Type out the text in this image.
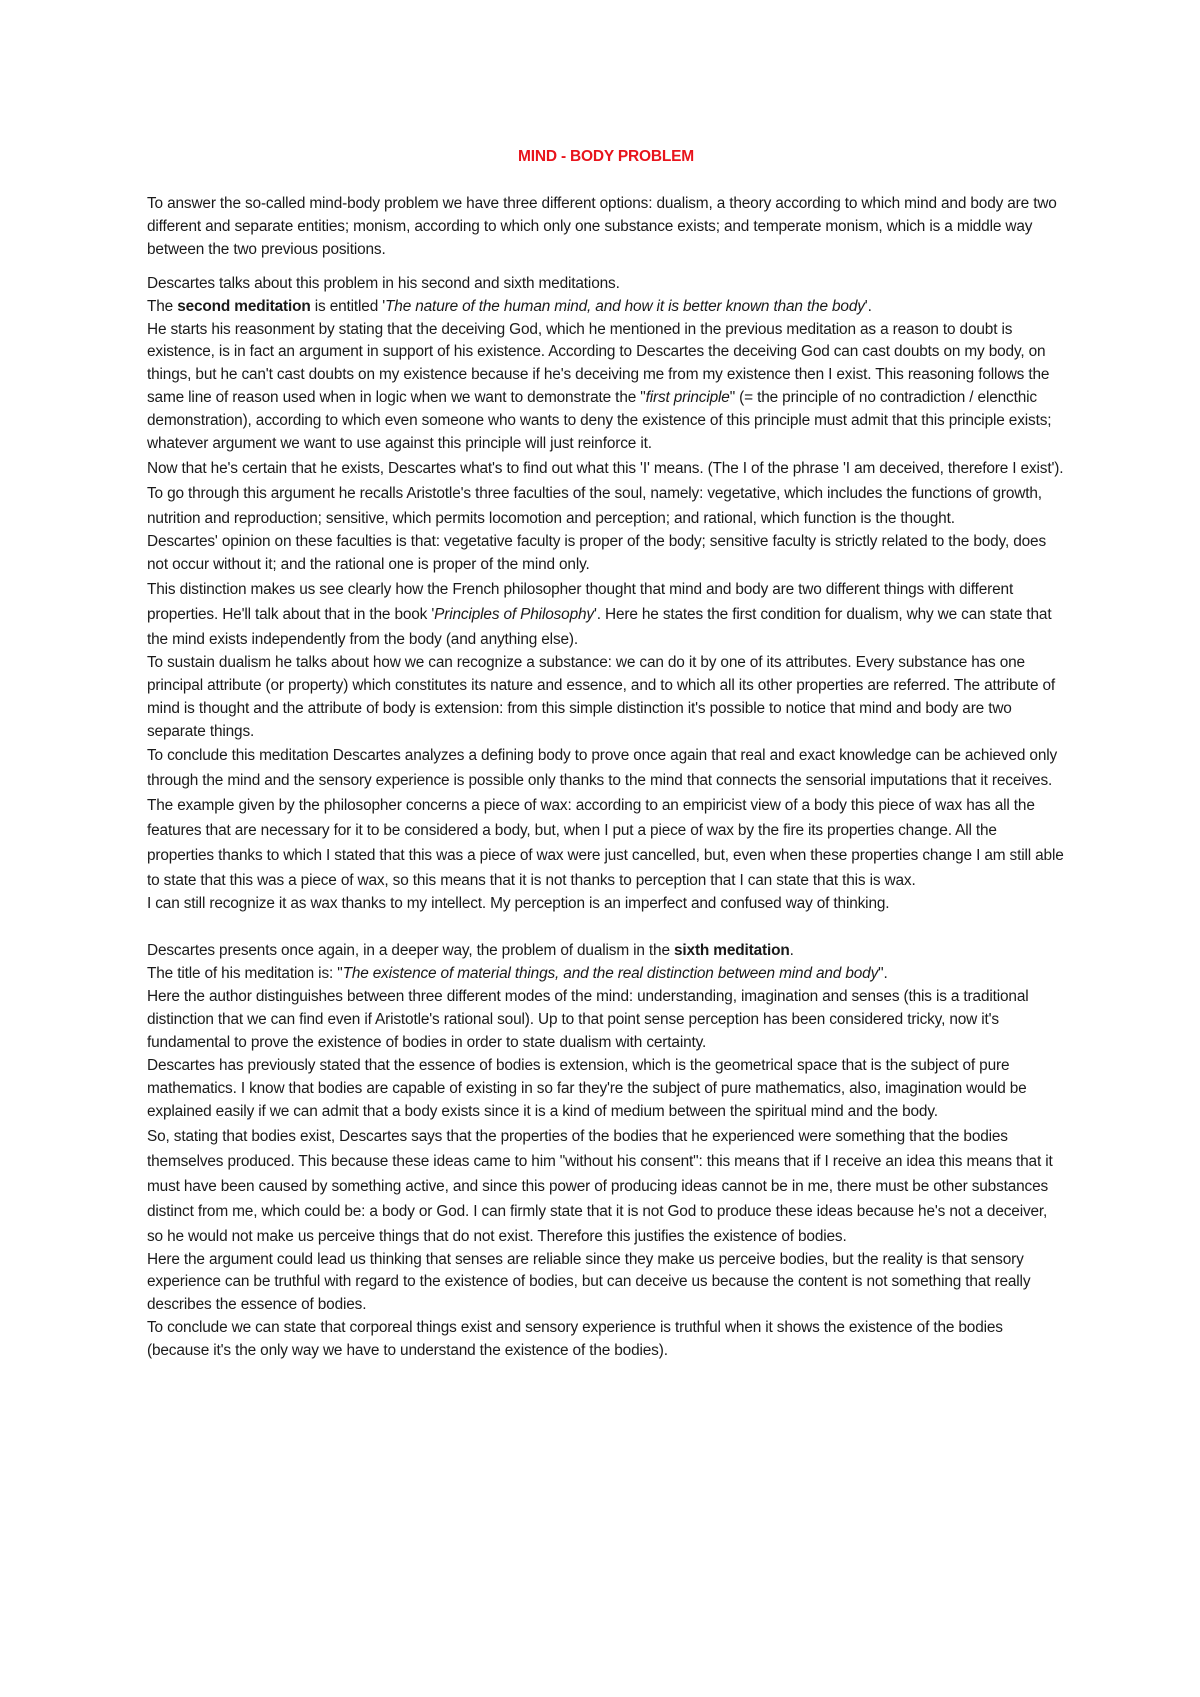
MIND - BODY PROBLEM

To answer the so-called mind-body problem we have three different options: dualism, a theory according to which mind and body are two different and separate entities; monism, according to which only one substance exists; and temperate monism, which is a middle way between the two previous positions.

Descartes talks about this problem in his second and sixth meditations.

The second meditation is entitled 'The nature of the human mind, and how it is better known than the body'.

He starts his reasonment by stating that the deceiving God, which he mentioned in the previous meditation as a reason to doubt is existence, is in fact an argument in support of his existence. According to Descartes the deceiving God can cast doubts on my body, on things, but he can't cast doubts on my existence because if he's deceiving me from my existence then I exist. This reasoning follows the same line of reason used when in logic when we want to demonstrate the "first principle" (= the principle of no contradiction / elencthic demonstration), according to which even someone who wants to deny the existence of this principle must admit that this principle exists; whatever argument we want to use against this principle will just reinforce it.

Now that he's certain that he exists, Descartes what's to find out what this 'I' means. (The I of the phrase 'I am deceived, therefore I exist'). To go through this argument he recalls Aristotle's three faculties of the soul, namely: vegetative, which includes the functions of growth, nutrition and reproduction; sensitive, which permits locomotion and perception; and rational, which function is the thought.

Descartes' opinion on these faculties is that: vegetative faculty is proper of the body; sensitive faculty is strictly related to the body, does not occur without it; and the rational one is proper of the mind only.

This distinction makes us see clearly how the French philosopher thought that mind and body are two different things with different properties. He'll talk about that in the book 'Principles of Philosophy'. Here he states the first condition for dualism, why we can state that the mind exists independently from the body (and anything else).

To sustain dualism he talks about how we can recognize a substance: we can do it by one of its attributes. Every substance has one principal attribute (or property) which constitutes its nature and essence, and to which all its other properties are referred. The attribute of mind is thought and the attribute of body is extension: from this simple distinction it's possible to notice that mind and body are two separate things.

To conclude this meditation Descartes analyzes a defining body to prove once again that real and exact knowledge can be achieved only through the mind and the sensory experience is possible only thanks to the mind that connects the sensorial imputations that it receives.

The example given by the philosopher concerns a piece of wax: according to an empiricist view of a body this piece of wax has all the features that are necessary for it to be considered a body, but, when I put a piece of wax by the fire its properties change. All the properties thanks to which I stated that this was a piece of wax were just cancelled, but, even when these properties change I am still able to state that this was a piece of wax, so this means that it is not thanks to perception that I can state that this is wax.

I can still recognize it as wax thanks to my intellect. My perception is an imperfect and confused way of thinking.

Descartes presents once again, in a deeper way, the problem of dualism in the sixth meditation.

The title of his meditation is: "The existence of material things, and the real distinction between mind and body".

Here the author distinguishes between three different modes of the mind: understanding, imagination and senses (this is a traditional distinction that we can find even if Aristotle's rational soul). Up to that point sense perception has been considered tricky, now it's fundamental to prove the existence of bodies in order to state dualism with certainty.

Descartes has previously stated that the essence of bodies is extension, which is the geometrical space that is the subject of pure mathematics. I know that bodies are capable of existing in so far they're the subject of pure mathematics, also, imagination would be explained easily if we can admit that a body exists since it is a kind of medium between the spiritual mind and the body.

So, stating that bodies exist, Descartes says that the properties of the bodies that he experienced were something that the bodies themselves produced. This because these ideas came to him "without his consent": this means that if I receive an idea this means that it must have been caused by something active, and since this power of producing ideas cannot be in me, there must be other substances distinct from me, which could be: a body or God. I can firmly state that it is not God to produce these ideas because he's not a deceiver, so he would not make us perceive things that do not exist. Therefore this justifies the existence of bodies.

Here the argument could lead us thinking that senses are reliable since they make us perceive bodies, but the reality is that sensory experience can be truthful with regard to the existence of bodies, but can deceive us because the content is not something that really describes the essence of bodies.

To conclude we can state that corporeal things exist and sensory experience is truthful when it shows the existence of the bodies (because it's the only way we have to understand the existence of the bodies).
